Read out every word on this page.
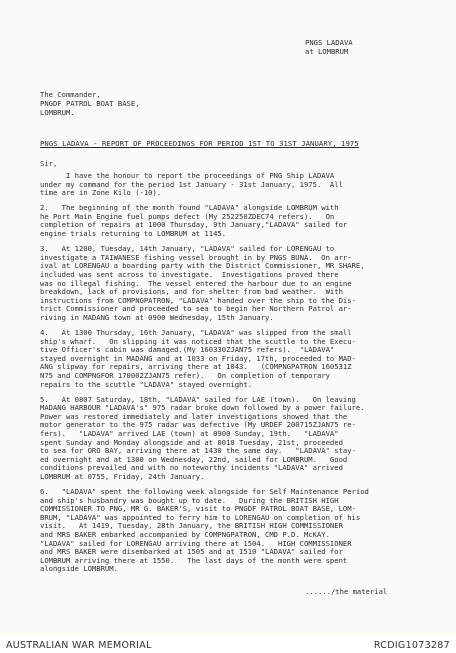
PNGS LADAVA
at LOMBRUM
The Commander,
PNGDF PATROL BOAT BASE,
LOMBRUM.
PNGS LADAVA - REPORT OF PROCEEDINGS FOR PERIOD 1ST TO 31ST JANUARY, 1975
Sir,

I have the honour to report the proceedings of PNG Ship LADAVA
under my command for the period 1st January - 31st January, 1975.  All
time are in Zone Kilo (-10).

2.   The beginning of the month found "LADAVA" alongside LOMBRUM with
he Port Main Engine fuel pumps defect (My 252250ZDEC74 refers).   On
completion of repairs at 1000 Thursday, 9th January,"LADAVA" sailed for
engine trials returning to LOMBRUM at 1145.

3.   At 1200, Tuesday, 14th January, "LADAVA" sailed for LORENGAU to
investigate a TAIWANESE fishing vessel brought in by PNGS BUNA.  On arr-
ival at LORENGAU a boarding party with the District Commissioner, MR SHARE,
included was sent across to investigate.  Investigations proved there
was no illegal fishing.  The vessel entered the harbour due to an engine
breakdown, lack of provisions, and for shelter from bad weather.  With
instructions from COMPNGPATRON, "LADAVA" handed over the ship to the Dis-
trict Commissioner and proceeded to sea to begin her Northern Patrol ar-
riving in MADANG town at 0900 Wednesday, 15th January.

4.   At 1300 Thursday, 16th January, "LADAVA" was slipped from the small
ship's wharf.   On slipping it was noticed that the scuttle to the Execu-
tive Officer's cabin was damaged.(My 160330ZJAN75 refers).  "LADAVA"
stayed overnight in MADANG and at 1033 on Friday, 17th, proceeded to MAD-
ANG slipway for repairs, arriving there at 1043.   (COMPNGPATRON 160531Z
N75 and COMPNGFOR 170002ZJAN75 refer).   On completion of temporary
repairs to the scuttle "LADAVA" stayed overnight.

5.   At 0807 Saturday, 18th, "LADAVA" sailed for LAE (town).   On leaving
MADANG HARBOUR "LADAVA's" 975 radar broke down followed by a power failure.
Power was restored immediately and later investigations showed that the
motor generator to the 975 radar was defective (My URDEF 200715ZJAN75 re-
fers).   "LADAVA" arrived LAE (town) at 0900 Sunday, 19th.   "LADAVA"
spent Sunday and Monday alongside and at 0010 Tuesday, 21st, proceeded
to sea for ORO BAY, arriving there at 1430 the same day.   "LADAVA" stay-
ed overnight and at 1300 on Wednesday, 22nd, sailed for LOMBRUM.   Good
conditions prevailed and with no noteworthy incidents "LADAVA" arrived
LOMBRUM at 0755, Friday, 24th January.

6.   "LADAVA" spent the following week alongside for Self Maintenance Period
and ship's husbandry was bought up to date.   During the BRITISH HIGH
COMMISSIONER TO PNG, MR G. BAKER'S, visit to PNGDF PATROL BOAT BASE, LOM-
BRUM, "LADAVA" was appointed to ferry him to LORENGAU on completion of his
visit.   At 1419, Tuesday, 28th January, the BRITISH HIGH COMMISSIONER
and MRS BAKER embarked accompanied by COMPNGPATRON, CMD P.D. McKAY.
"LADAVA" sailed for LORENGAU arriving there at 1504.   HIGH COMMISSIONER
and MRS BAKER were disembarked at 1505 and at 1510 "LADAVA" sailed for
LOMBRUM arriving there at 1550.   The last days of the month were spent
alongside LOMBRUM.

....../the material
AUSTRALIAN WAR MEMORIAL	RCDIG1073287
